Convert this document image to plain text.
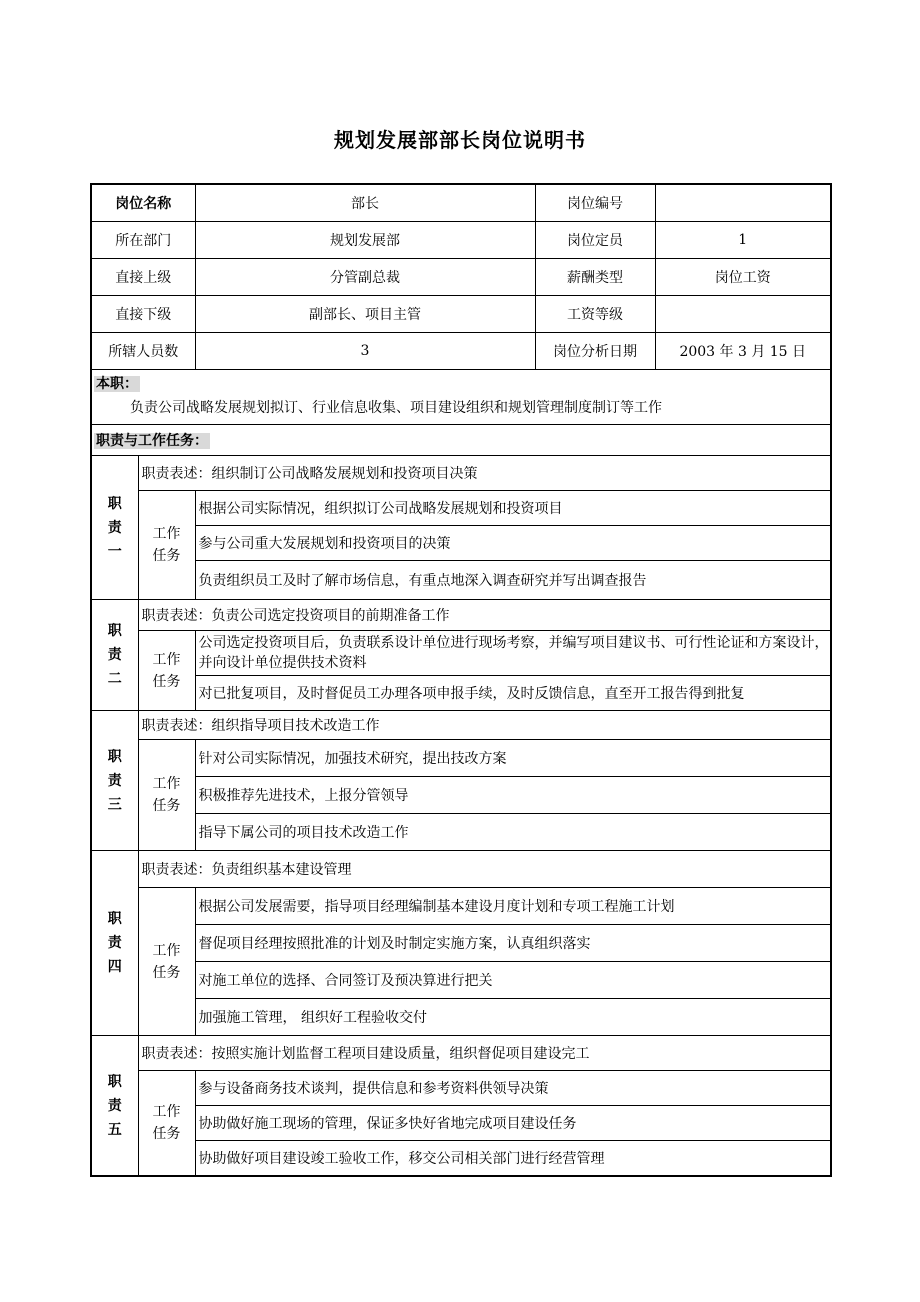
规划发展部部长岗位说明书
岗位名称		部长	岗位编号	
所在部门		规划发展部	岗位定员	1
直接上级		分管副总裁	薪酬类型	岗位工资
直接下级		副部长、项目主管	工资等级	
所辖人员数		3	岗位分析日期	2003 年 3 月 15 日

本职：
负责公司战略发展规划拟订、行业信息收集、项目建设组织和规划管理制度制订等工作				

职责与工作任务：				

职
责
一	职责表述：组织制订公司战略发展规划和投资项目决策			

	工作
任务	根据公司实际情况，组织拟订公司战略发展规划和投资项目		
		参与公司重大发展规划和投资项目的决策		
		负责组织员工及时了解市场信息，有重点地深入调查研究并写出调查报告		

职
责
二	职责表述：负责公司选定投资项目的前期准备工作			

	工作
任务	公司选定投资项目后，负责联系设计单位进行现场考察，并编写项目建议书、可行性论证和方案设计，并向设计单位提供技术资料		
		对已批复项目，及时督促员工办理各项申报手续，及时反馈信息，直至开工报告得到批复		

职
责
三	职责表述：组织指导项目技术改造工作			

	工作
任务	针对公司实际情况，加强技术研究，提出技改方案		
		积极推荐先进技术，上报分管领导		
		指导下属公司的项目技术改造工作		

职
责
四	职责表述：负责组织基本建设管理			

	工作
任务	根据公司发展需要，指导项目经理编制基本建设月度计划和专项工程施工计划		
		督促项目经理按照批准的计划及时制定实施方案，认真组织落实		
		对施工单位的选择、合同签订及预决算进行把关		
		加强施工管理， 组织好工程验收交付		

职
责
五	职责表述：按照实施计划监督工程项目建设质量，组织督促项目建设完工			

	工作
任务	参与设备商务技术谈判，提供信息和参考资料供领导决策		
		协助做好施工现场的管理，保证多快好省地完成项目建设任务		
		协助做好项目建设竣工验收工作，移交公司相关部门进行经营管理		
